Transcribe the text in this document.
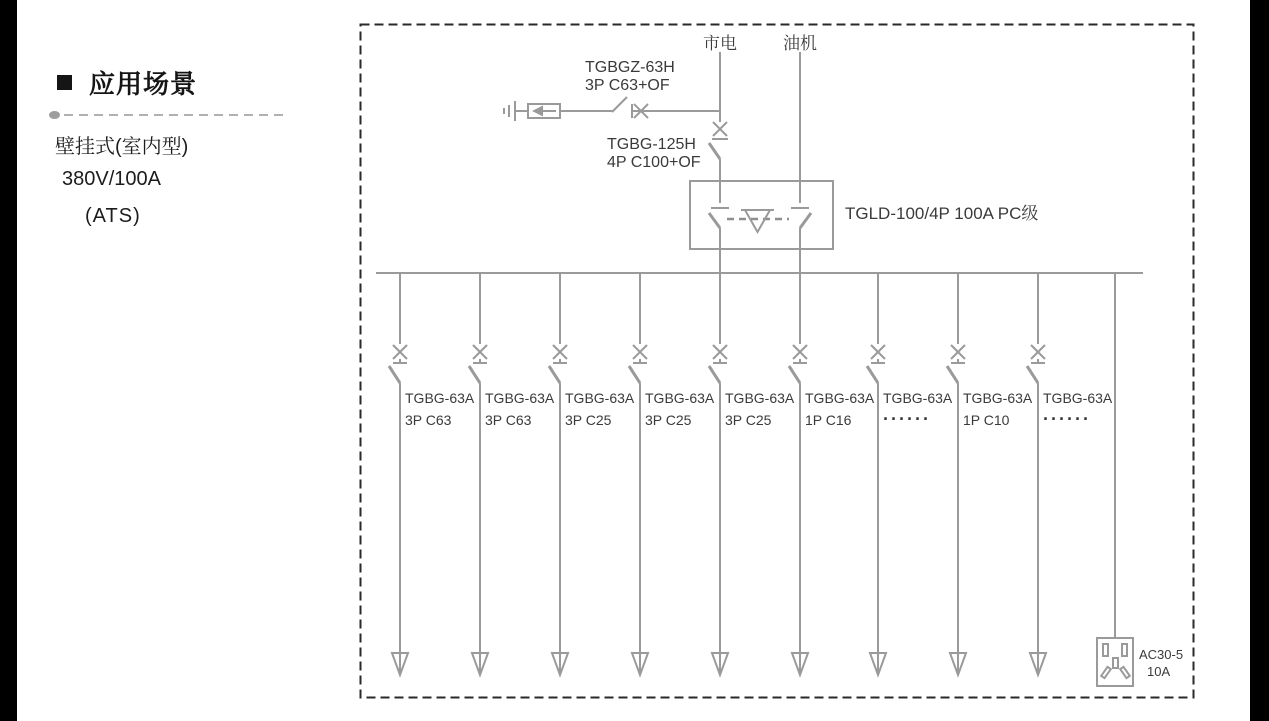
应用场景
壁挂式(室内型)
380V/100A
(ATS)
市电	油机
TGBGZ-63H
3P C63+OF
TGBG-125H
4P C100+OF
TGLD-100/4P 100A PC级
TGBG-63A
3P C63
TGBG-63A
3P C63
TGBG-63A
3P C25
TGBG-63A
3P C25
TGBG-63A
3P C25
TGBG-63A
1P C16
TGBG-63A
······
TGBG-63A
1P C10
TGBG-63A
······
AC30-5
10A
